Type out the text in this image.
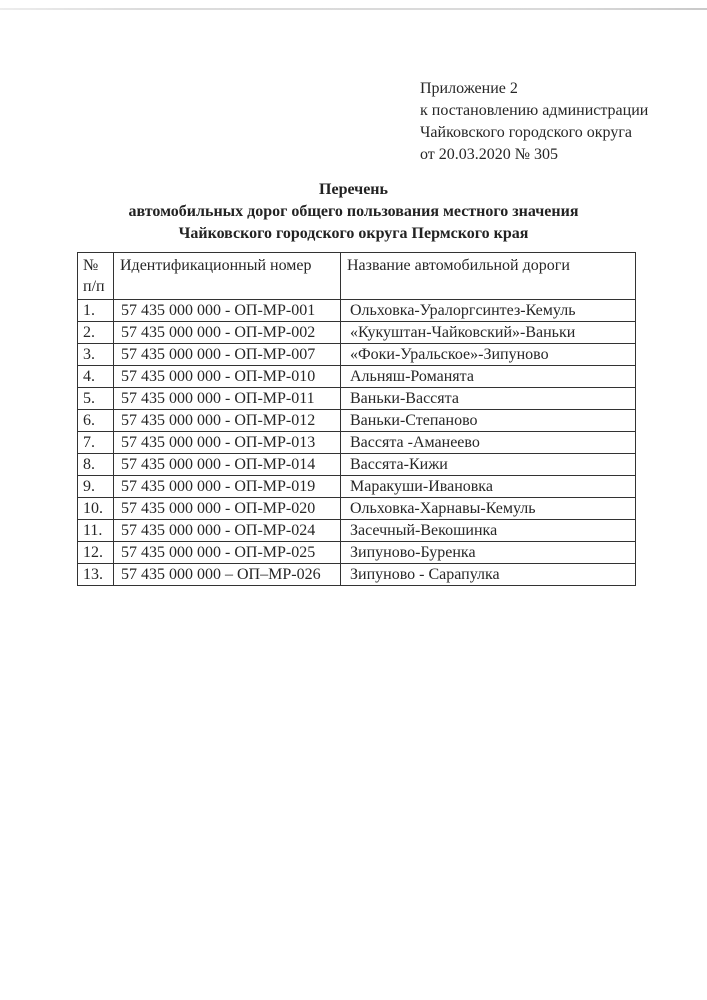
Приложение 2
к постановлению администрации
Чайковского городского округа
от 20.03.2020 № 305
Перечень
автомобильных дорог общего пользования местного значения
Чайковского городского округа Пермского края
№
п/п	Идентификационный номер	Название автомобильной дороги
1.	57 435 000 000 - ОП-МР-001	Ольховка-Уралоргсинтез-Кемуль
2.	57 435 000 000 - ОП-МР-002	«Кукуштан-Чайковский»-Ваньки
3.	57 435 000 000 - ОП-МР-007	«Фоки-Уральское»-Зипуново
4.	57 435 000 000 - ОП-МР-010	Альняш-Романята
5.	57 435 000 000 - ОП-МР-011	Ваньки-Вассята
6.	57 435 000 000 - ОП-МР-012	Ваньки-Степаново
7.	57 435 000 000 - ОП-МР-013	Вассята -Аманеево
8.	57 435 000 000 - ОП-МР-014	Вассята-Кижи
9.	57 435 000 000 - ОП-МР-019	Маракуши-Ивановка
10.	57 435 000 000 - ОП-МР-020	Ольховка-Харнавы-Кемуль
11.	57 435 000 000 - ОП-МР-024	Засечный-Векошинка
12.	57 435 000 000 - ОП-МР-025	Зипуново-Буренка
13.	57 435 000 000 – ОП–МР-026	Зипуново - Сарапулка
